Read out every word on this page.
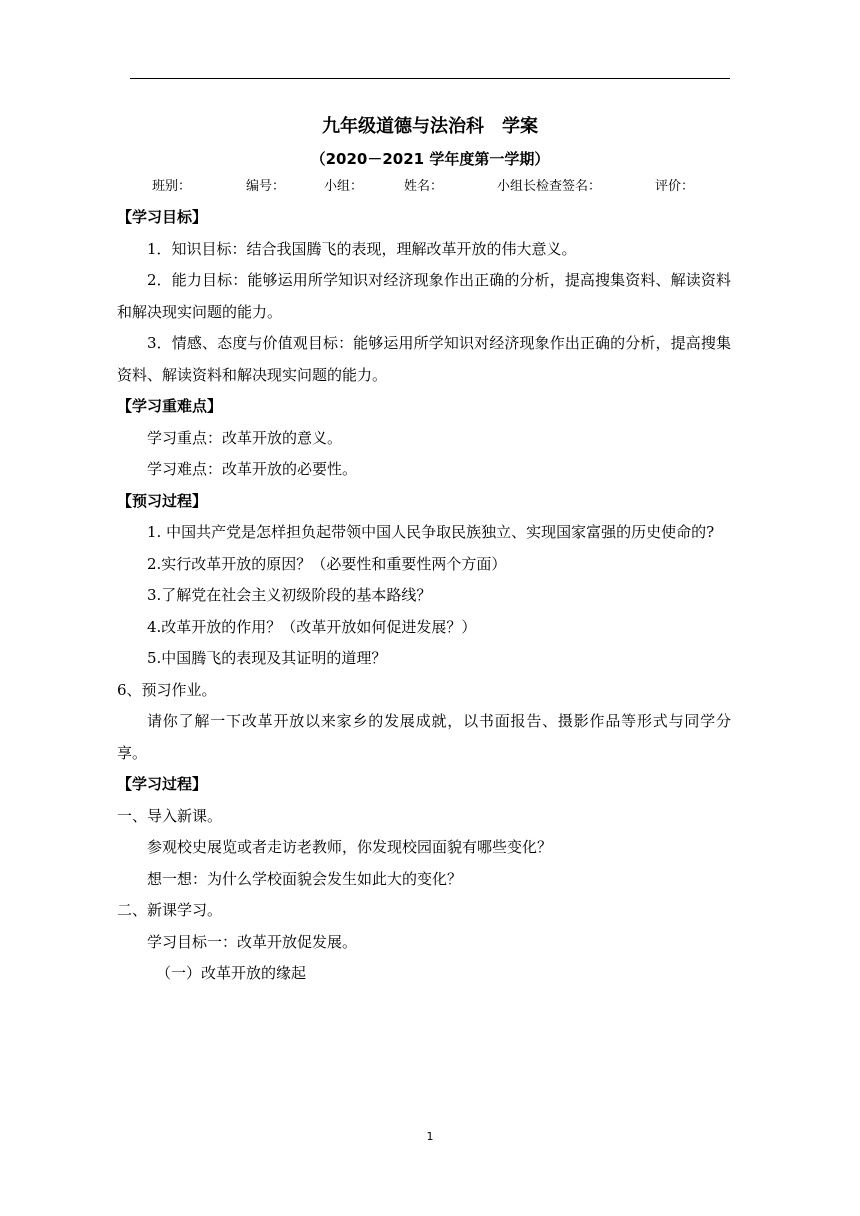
九年级道德与法治科　学案
（2020－2021 学年度第一学期）
班别：	编号：	小组：	姓名：	小组长检查签名：	评价：

【学习目标】

1．知识目标：结合我国腾飞的表现，理解改革开放的伟大意义。

2．能力目标：能够运用所学知识对经济现象作出正确的分析，提高搜集资料、解读资料和解决现实问题的能力。

3．情感、态度与价值观目标：能够运用所学知识对经济现象作出正确的分析，提高搜集资料、解读资料和解决现实问题的能力。

【学习重难点】

学习重点：改革开放的意义。

学习难点：改革开放的必要性。

【预习过程】

1. 中国共产党是怎样担负起带领中国人民争取民族独立、实现国家富强的历史使命的?

2.实行改革开放的原因？（必要性和重要性两个方面）

3.了解党在社会主义初级阶段的基本路线？

4.改革开放的作用？（改革开放如何促进发展？）

5.中国腾飞的表现及其证明的道理？

6、预习作业。

请你了解一下改革开放以来家乡的发展成就，以书面报告、摄影作品等形式与同学分享。

【学习过程】

一、导入新课。

参观校史展览或者走访老教师，你发现校园面貌有哪些变化？

想一想：为什么学校面貌会发生如此大的变化？

二、新课学习。

学习目标一：改革开放促发展。

（一）改革开放的缘起

1
